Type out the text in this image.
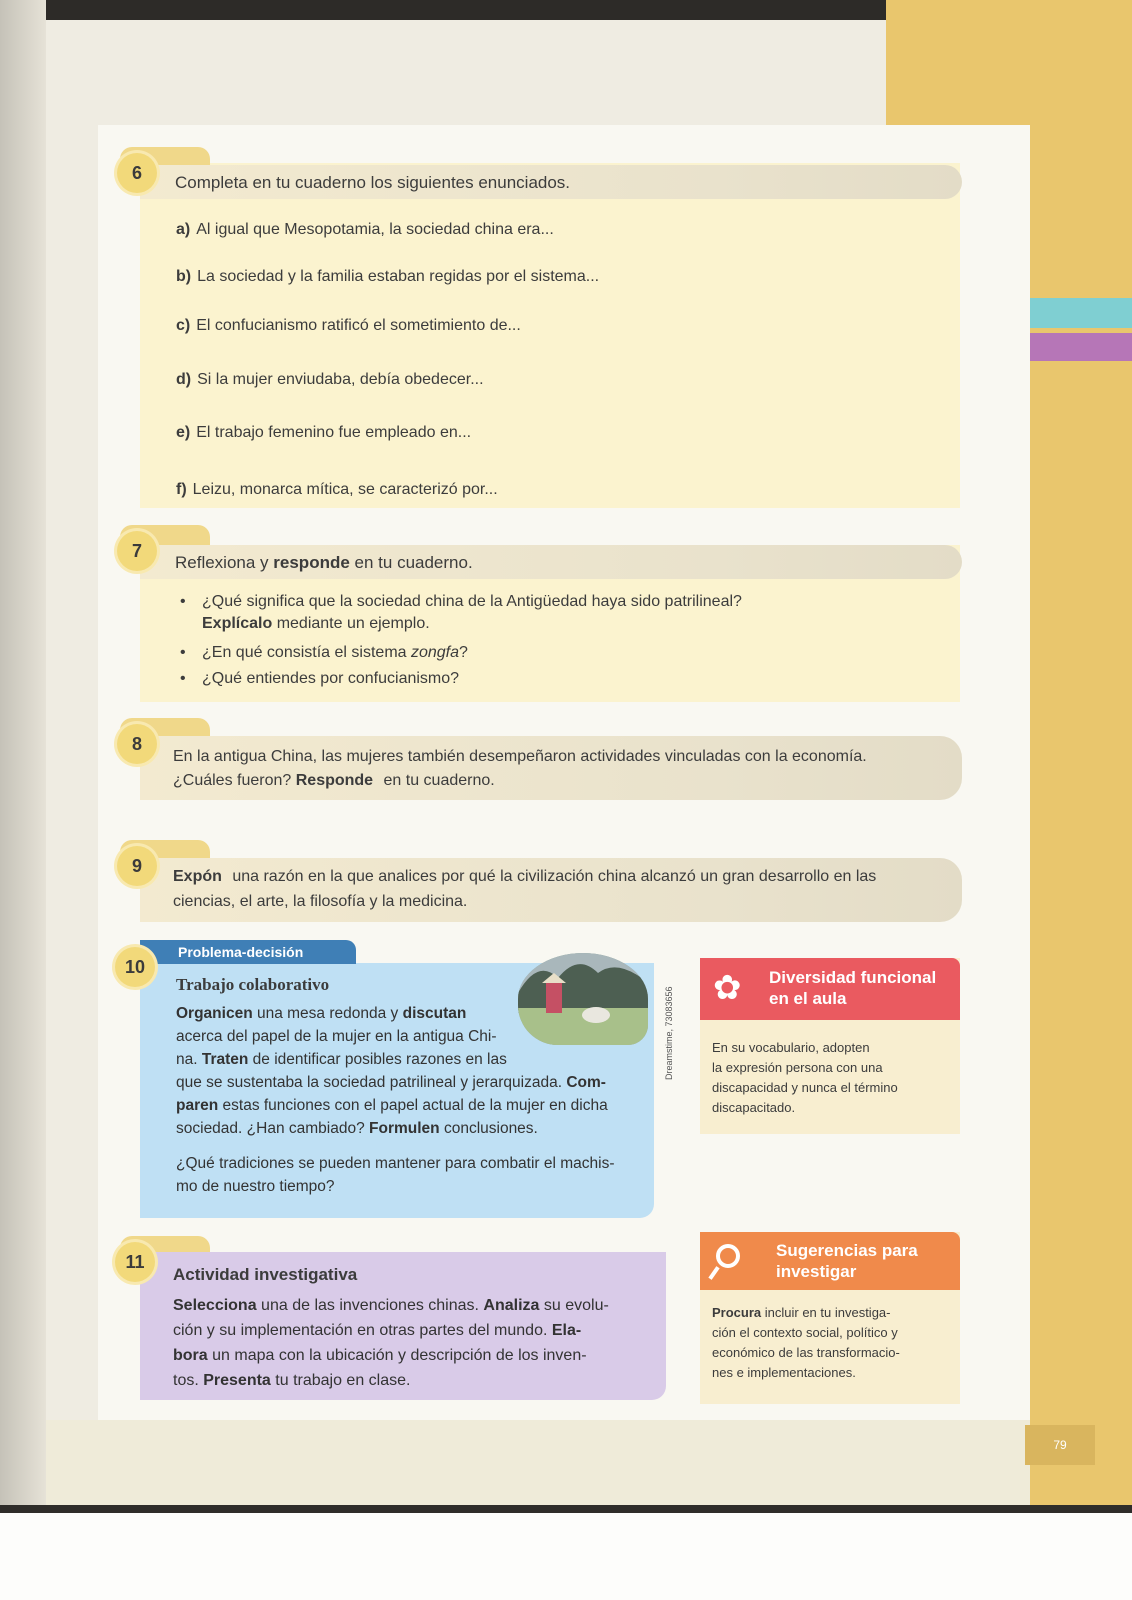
79
6	Completa en tu cuaderno los siguientes enunciados.
a) Al igual que Mesopotamia, la sociedad china era...
b) La sociedad y la familia estaban regidas por el sistema...
c) El confucianismo ratificó el sometimiento de...
d) Si la mujer enviudaba, debía obedecer...
e) El trabajo femenino fue empleado en...
f) Leizu, monarca mítica, se caracterizó por...
7
Reflexiona y responde en tu cuaderno.
• ¿Qué significa que la sociedad china de la Antigüedad haya sido patrilineal?
Explícalo mediante un ejemplo.
• ¿En qué consistía el sistema zongfa?
• ¿Qué entiendes por confucianismo?
8
En la antigua China, las mujeres también desempeñaron actividades vinculadas con la economía.
¿Cuáles fueron? Responde en tu cuaderno.
9
Expón una razón en la que analices por qué la civilización china alcanzó un gran desarrollo en las
ciencias, el arte, la filosofía y la medicina.
Problema-decisión
10
Trabajo colaborativo
Organicen una mesa redonda y discutan
acerca del papel de la mujer en la antigua Chi-
na. Traten de identificar posibles razones en las
que se sustentaba la sociedad patrilineal y jerarquizada. Com-
paren estas funciones con el papel actual de la mujer en dicha
sociedad. ¿Han cambiado? Formulen conclusiones.
¿Qué tradiciones se pueden mantener para combatir el machis-
mo de nuestro tiempo?
Dreamstime, 73083656
11
Actividad investigativa
Selecciona una de las invenciones chinas. Analiza su evolu-
ción y su implementación en otras partes del mundo. Ela-
bora un mapa con la ubicación y descripción de los inven-
tos. Presenta tu trabajo en clase.
✿ Diversidad funcional
en el aula
En su vocabulario, adopten
la expresión persona con una
discapacidad y nunca el término
discapacitado.
Sugerencias para
investigar
Procura incluir en tu investiga-
ción el contexto social, político y
económico de las transformacio-
nes e implementaciones.
